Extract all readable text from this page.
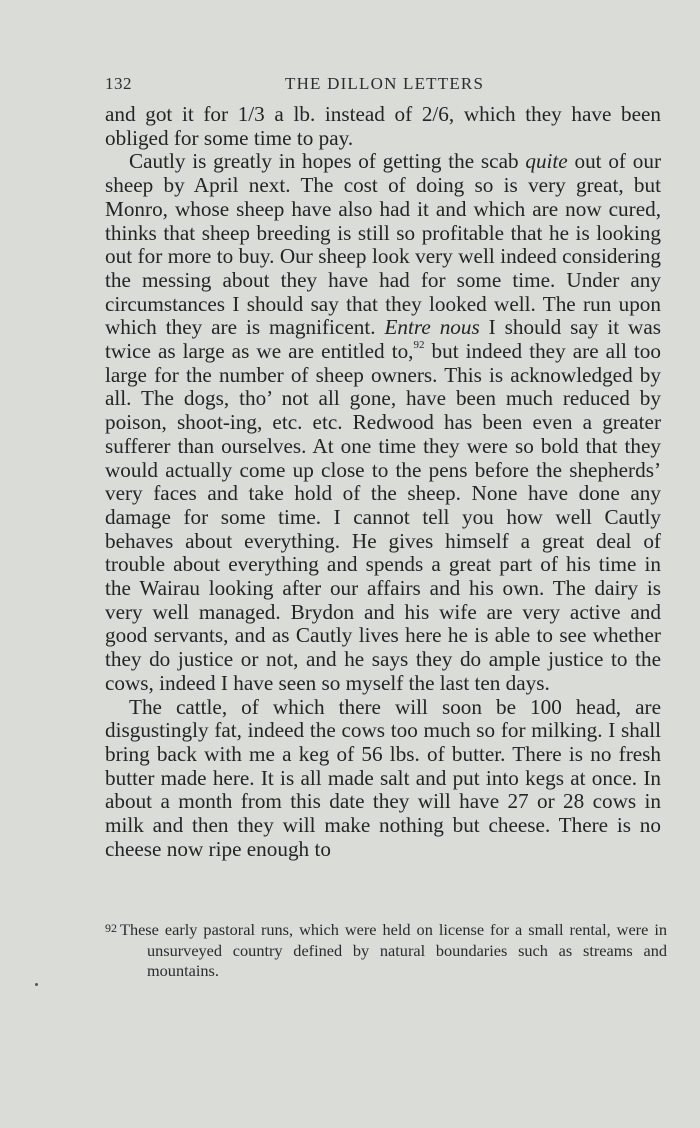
132	THE DILLON LETTERS

and got it for 1/3 a lb. instead of 2/6, which they have been obliged for some time to pay.

Cautly is greatly in hopes of getting the scab quite out of our sheep by April next. The cost of doing so is very great, but Monro, whose sheep have also had it and which are now cured, thinks that sheep breeding is still so profitable that he is looking out for more to buy. Our sheep look very well indeed considering the messing about they have had for some time. Under any circumstances I should say that they looked well. The run upon which they are is magnificent. Entre nous I should say it was twice as large as we are entitled to,$^{92}$ but indeed they are all too large for the number of sheep owners. This is acknowledged by all. The dogs, tho’ not all gone, have been much reduced by poison, shoot-ing, etc. etc. Redwood has been even a greater sufferer than ourselves. At one time they were so bold that they would actually come up close to the pens before the shepherds’ very faces and take hold of the sheep. None have done any damage for some time. I cannot tell you how well Cautly behaves about everything. He gives himself a great deal of trouble about everything and spends a great part of his time in the Wairau looking after our affairs and his own. The dairy is very well managed. Brydon and his wife are very active and good servants, and as Cautly lives here he is able to see whether they do justice or not, and he says they do ample justice to the cows, indeed I have seen so myself the last ten days.

The cattle, of which there will soon be 100 head, are disgustingly fat, indeed the cows too much so for milking. I shall bring back with me a keg of 56 lbs. of butter. There is no fresh butter made here. It is all made salt and put into kegs at once. In about a month from this date they will have 27 or 28 cows in milk and then they will make nothing but cheese. There is no cheese now ripe enough to

$^{92}$ These early pastoral runs, which were held on license for a small rental, were in unsurveyed country defined by natural boundaries such as streams and mountains.
